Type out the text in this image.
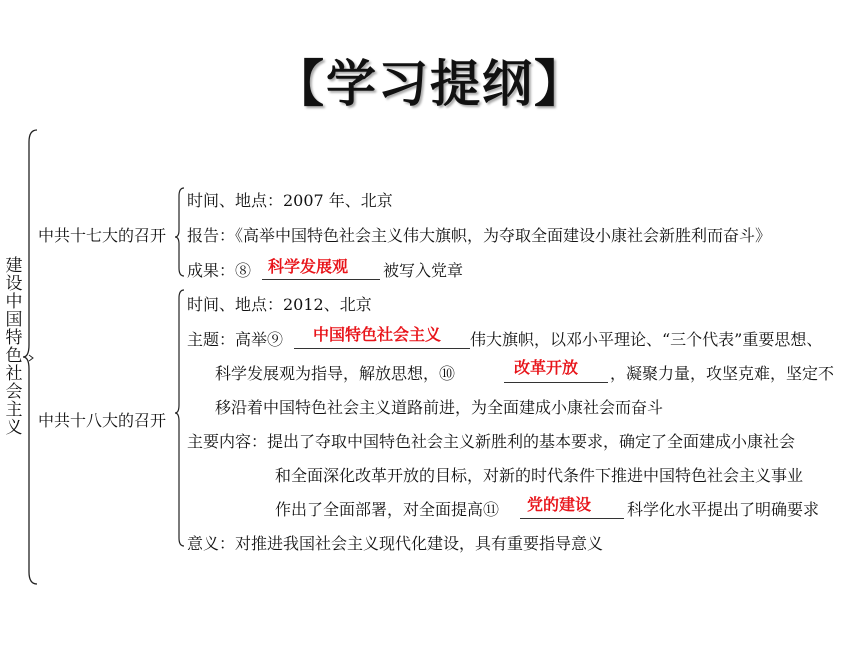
【学习提纲】
建
设
中
国
特
色
社
会
主
义
中共十七大的召开
时间、地点：2007 年、北京
报告：《高举中国特色社会主义伟大旗帜，为夺取全面建设小康社会新胜利而奋斗》
成果：⑧ 科学发展观 被写入党章
中共十八大的召开
时间、地点：2012、北京
主题：高举⑨ 中国特色社会主义 伟大旗帜，以邓小平理论、“三个代表”重要思想、
科学发展观为指导，解放思想，⑩	改革开放 ，凝聚力量，攻坚克难，坚定不
移沿着中国特色社会主义道路前进，为全面建成小康社会而奋斗
主要内容：提出了夺取中国特色社会主义新胜利的基本要求，确定了全面建成小康社会
和全面深化改革开放的目标，对新的时代条件下推进中国特色社会主义事业
作出了全面部署，对全面提高⑪ 党的建设 科学化水平提出了明确要求
意义：对推进我国社会主义现代化建设，具有重要指导意义
